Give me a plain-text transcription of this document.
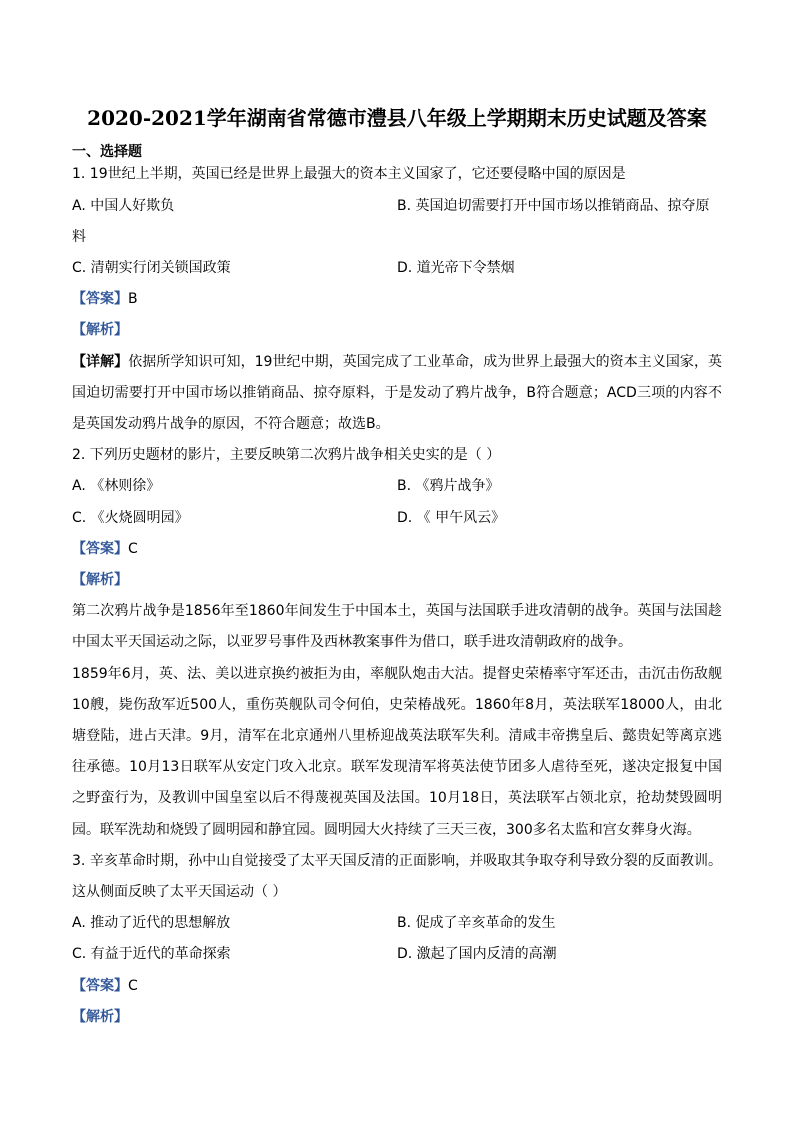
2020-2021学年湖南省常德市澧县八年级上学期期末历史试题及答案
一、选择题
1. 19世纪上半期，英国已经是世界上最强大的资本主义国家了，它还要侵略中国的原因是
A. 中国人好欺负	B. 英国迫切需要打开中国市场以推销商品、掠夺原
料
C. 清朝实行闭关锁国政策	D. 道光帝下令禁烟
【答案】B
【解析】
【详解】依据所学知识可知，19世纪中期，英国完成了工业革命，成为世界上最强大的资本主义国家，英
国迫切需要打开中国市场以推销商品、掠夺原料，于是发动了鸦片战争，B符合题意；ACD三项的内容不
是英国发动鸦片战争的原因，不符合题意；故选B。
2. 下列历史题材的影片，主要反映第二次鸦片战争相关史实的是（ ）
A. 《林则徐》	B. 《鸦片战争》
C. 《火烧圆明园》	D. 《 甲午风云》
【答案】C
【解析】
第二次鸦片战争是1856年至1860年间发生于中国本土，英国与法国联手进攻清朝的战争。英国与法国趁
中国太平天国运动之际，以亚罗号事件及西林教案事件为借口，联手进攻清朝政府的战争。
1859年6月，英、法、美以进京换约被拒为由，率舰队炮击大沽。提督史荣椿率守军还击，击沉击伤敌舰
10艘，毙伤敌军近500人，重伤英舰队司令何伯，史荣椿战死。1860年8月，英法联军18000人，由北
塘登陆，进占天津。9月，清军在北京通州八里桥迎战英法联军失利。清咸丰帝携皇后、懿贵妃等离京逃
往承德。10月13日联军从安定门攻入北京。联军发现清军将英法使节团多人虐待至死，遂决定报复中国
之野蛮行为，及教训中国皇室以后不得蔑视英国及法国。10月18日，英法联军占领北京，抢劫焚毁圆明
园。联军洗劫和烧毁了圆明园和静宜园。圆明园大火持续了三天三夜，300多名太监和宫女葬身火海。
3. 辛亥革命时期，孙中山自觉接受了太平天国反清的正面影响，并吸取其争取夺利导致分裂的反面教训。
这从侧面反映了太平天国运动（ ）
A. 推动了近代的思想解放	B. 促成了辛亥革命的发生
C. 有益于近代的革命探索	D. 激起了国内反清的高潮
【答案】C
【解析】
